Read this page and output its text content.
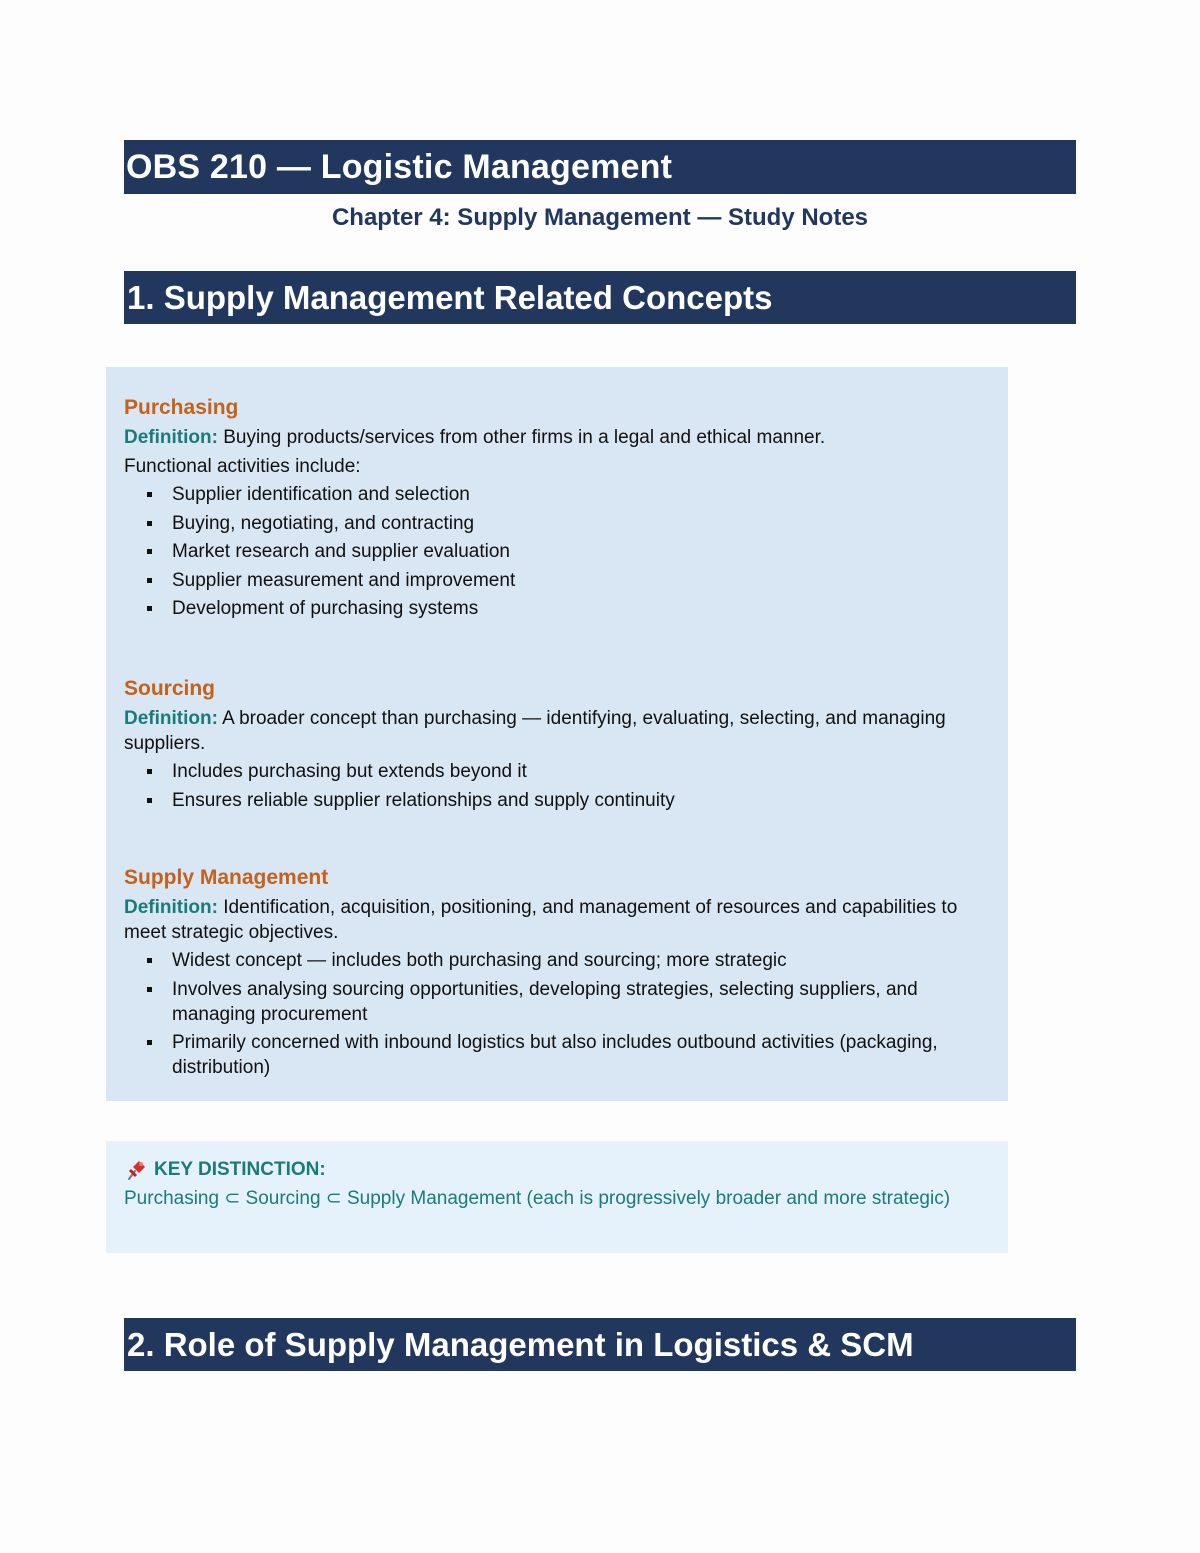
OBS 210 — Logistic Management
Chapter 4: Supply Management — Study Notes
1. Supply Management Related Concepts

Purchasing

Definition: Buying products/services from other firms in a legal and ethical manner.

Functional activities include:

Supplier identification and selection
Buying, negotiating, and contracting
Market research and supplier evaluation
Supplier measurement and improvement
Development of purchasing systems

Sourcing

Definition: A broader concept than purchasing — identifying, evaluating, selecting, and managing suppliers.

Includes purchasing but extends beyond it
Ensures reliable supplier relationships and supply continuity

Supply Management

Definition: Identification, acquisition, positioning, and management of resources and capabilities to meet strategic objectives.

Widest concept — includes both purchasing and sourcing; more strategic
Involves analysing sourcing opportunities, developing strategies, selecting suppliers, and managing procurement
Primarily concerned with inbound logistics but also includes outbound activities (packaging, distribution)
KEY DISTINCTION:
Purchasing ⊂ Sourcing ⊂ Supply Management (each is progressively broader and more strategic)
2. Role of Supply Management in Logistics & SCM
